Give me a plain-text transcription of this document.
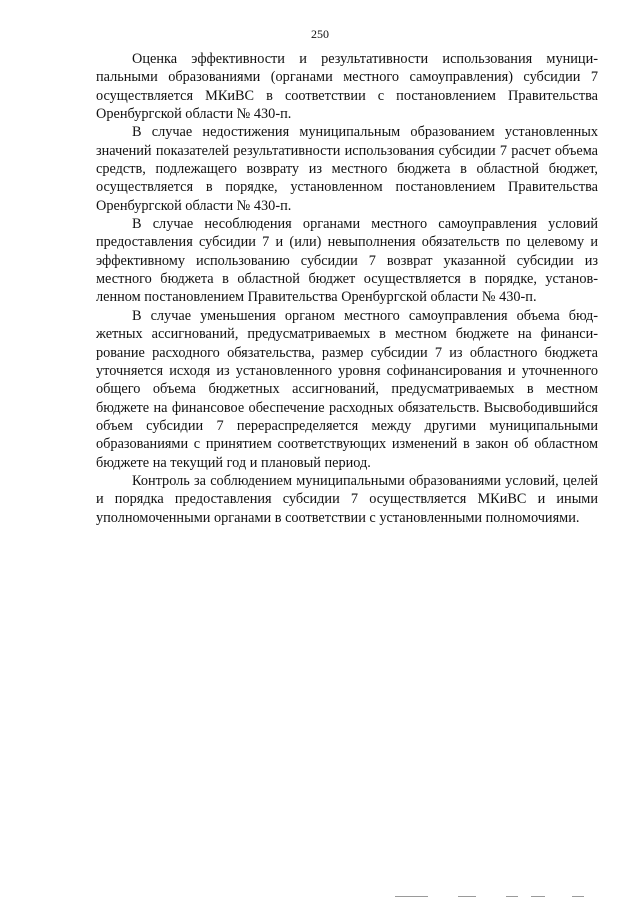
250

Оценка эффективности и результативности использования муниципальными образованиями (органами местного самоуправления) субсидии 7 осуществляется МКиВС в соответствии с постановлением Правительства Оренбургской области № 430-п.

В случае недостижения муниципальным образованием установленных значений показателей результативности использования субсидии 7 расчет объема средств, подлежащего возврату из местного бюджета в областной бюджет, осуществляется в порядке, установленном постановлением Правительства Оренбургской области № 430-п.

В случае несоблюдения органами местного самоуправления условий предоставления субсидии 7 и (или) невыполнения обязательств по целевому и эффективному использованию субсидии 7 возврат указанной субсидии из местного бюджета в областной бюджет осуществляется в порядке, установленном постановлением Правительства Оренбургской области № 430-п.

В случае уменьшения органом местного самоуправления объема бюджетных ассигнований, предусматриваемых в местном бюджете на финансирование расходного обязательства, размер субсидии 7 из областного бюджета уточняется исходя из установленного уровня софинансирования и уточненного общего объема бюджетных ассигнований, предусматриваемых в местном бюджете на финансовое обеспечение расходных обязательств. Высвободившийся объем субсидии 7 перераспределяется между другими муниципальными образованиями с принятием соответствующих изменений в закон об областном бюджете на текущий год и плановый период.

Контроль за соблюдением муниципальными образованиями условий, целей и порядка предоставления субсидии 7 осуществляется МКиВС и иными уполномоченными органами в соответствии с установленными полномочиями.
